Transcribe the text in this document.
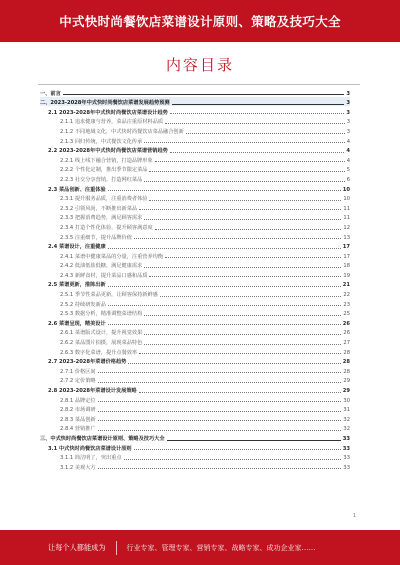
中式快时尚餐饮店菜谱设计原则、策略及技巧大全
内容目录
一、前言	3
二、2023-2028年中式快时尚餐饮店菜谱发展趋势预测	3
2.1 2023-2028年中式快时尚餐饮店菜谱设计趋势	3
2.1.1 追求健康与营养，菜品注重原材料品质	3
2.1.2 不同地域文化，中式快时尚餐饮店菜品融合创新	3
2.1.3 回归传统，中式餐饮文化传承	4
2.2 2023-2028年中式快时尚餐饮店菜谱营销趋势	4
2.2.1 线上线下融合营销，打造品牌形象	4
2.2.2 个性化定制，推出季节限定菜品	5
2.2.3 社交分享营销，打造网红菜品	6
2.3 菜品创新、注重体验	10
2.3.1 提升服务品质，注重消费者体验	10
2.3.2 引领风尚，不断推出新菜品	11
2.3.3 把握消费趋势，满足顾客需求	11
2.3.4 打造个性化体验，提升顾客满意度	12
2.3.5 注重细节，提升品牌价值	13
2.4 菜谱设计，注重健康	17
2.4.1 菜谱中健康菜品的分量，注重营养均衡	17
2.4.2 低油低盐低糖，满足健康需求	18
2.4.3 新鲜食材，提升菜品口感和品质	19
2.5 菜谱更新，推陈出新	21
2.5.1 季节性菜品更新，让顾客保持新鲜感	22
2.5.2 持续研发新品	23
2.5.3 数据分析，精准调整菜谱结构	25
2.6 菜谱呈现，精美设计	26
2.6.1 菜谱版式设计，提升视觉效果	26
2.6.2 菜品图片拍摄，展现菜品特色	27
2.6.3 数字化菜谱，提升点餐效率	28
2.7 2023-2028年菜谱价格趋势	28
2.7.1 价格区间	28
2.7.2 定价策略	29
2.8 2023-2028年菜谱设计发展策略	29
2.8.1 品牌定位	30
2.8.2 市场调研	31
2.8.3 菜品创新	32
2.8.4 营销推广	32
三、中式快时尚餐饮店菜谱设计原则、策略及技巧大全	33
3.1 中式快时尚餐饮店菜谱设计原则	33
3.1.1 简洁明了，突出重点	33
3.1.2 美观大方	33
1
让每个人都能成为	行业专家、管理专家、营销专家、战略专家、成功企业家……
